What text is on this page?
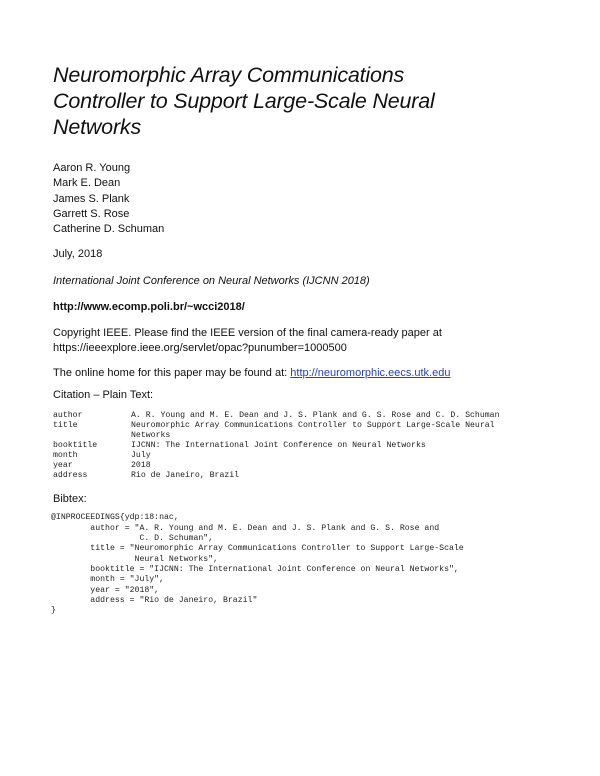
Neuromorphic Array Communications
Controller to Support Large-Scale Neural
Networks
Aaron R. Young
Mark E. Dean
James S. Plank
Garrett S. Rose
Catherine D. Schuman
July, 2018
International Joint Conference on Neural Networks (IJCNN 2018)
http://www.ecomp.poli.br/~wcci2018/
Copyright IEEE. Please find the IEEE version of the final camera-ready paper at
https://ieeexplore.ieee.org/servlet/opac?punumber=1000500
The online home for this paper may be found at: http://neuromorphic.eecs.utk.edu
Citation – Plain Text:
author	A. R. Young and M. E. Dean and J. S. Plank and G. S. Rose and C. D. Schuman
title	Neuromorphic Array Communications Controller to Support Large-Scale Neural
Networks
booktitle	IJCNN: The International Joint Conference on Neural Networks
month	July
year	2018
address	Rio de Janeiro, Brazil
Bibtex:
@INPROCEEDINGS{ydp:18:nac,
author = "A. R. Young and M. E. Dean and J. S. Plank and G. S. Rose and
C. D. Schuman",
title = "Neuromorphic Array Communications Controller to Support Large-Scale
Neural Networks",
booktitle = "IJCNN: The International Joint Conference on Neural Networks",
month = "July",
year = "2018",
address = "Rio de Janeiro, Brazil"
}
